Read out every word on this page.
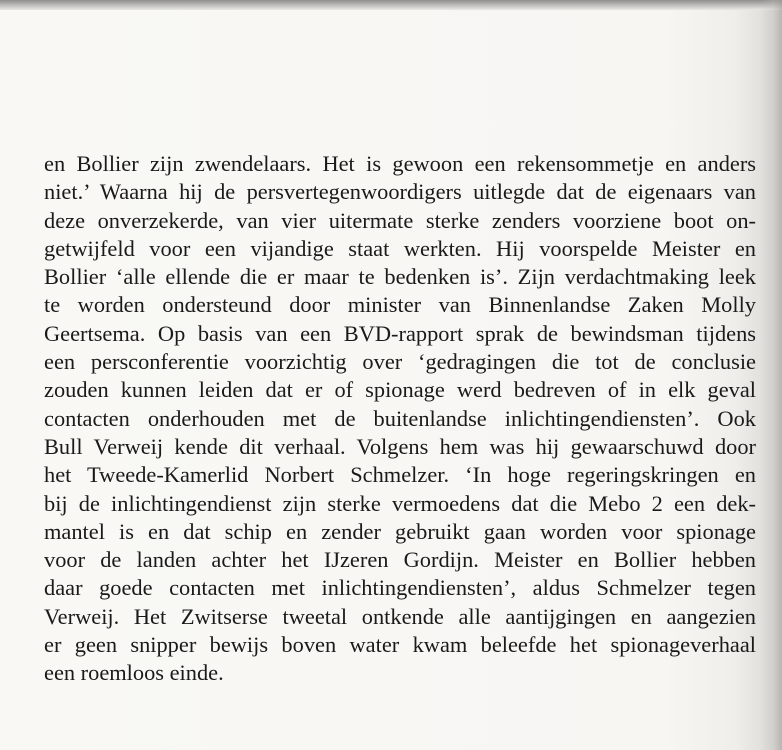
en Bollier zijn zwendelaars. Het is gewoon een rekensommetje en anders
niet.’ Waarna hij de persvertegenwoordigers uitlegde dat de eigenaars van
deze onverzekerde, van vier uitermate sterke zenders voorziene boot on-
getwijfeld voor een vijandige staat werkten. Hij voorspelde Meister en
Bollier ‘alle ellende die er maar te bedenken is’. Zijn verdachtmaking leek
te worden ondersteund door minister van Binnenlandse Zaken Molly
Geertsema. Op basis van een BVD-rapport sprak de bewindsman tijdens
een persconferentie voorzichtig over ‘gedragingen die tot de conclusie
zouden kunnen leiden dat er of spionage werd bedreven of in elk geval
contacten onderhouden met de buitenlandse inlichtingendiensten’. Ook
Bull Verweij kende dit verhaal. Volgens hem was hij gewaarschuwd door
het Tweede-Kamerlid Norbert Schmelzer. ‘In hoge regeringskringen en
bij de inlichtingendienst zijn sterke vermoedens dat die Mebo 2 een dek-
mantel is en dat schip en zender gebruikt gaan worden voor spionage
voor de landen achter het IJzeren Gordijn. Meister en Bollier hebben
daar goede contacten met inlichtingendiensten’, aldus Schmelzer tegen
Verweij. Het Zwitserse tweetal ontkende alle aantijgingen en aangezien
er geen snipper bewijs boven water kwam beleefde het spionageverhaal
een roemloos einde.
